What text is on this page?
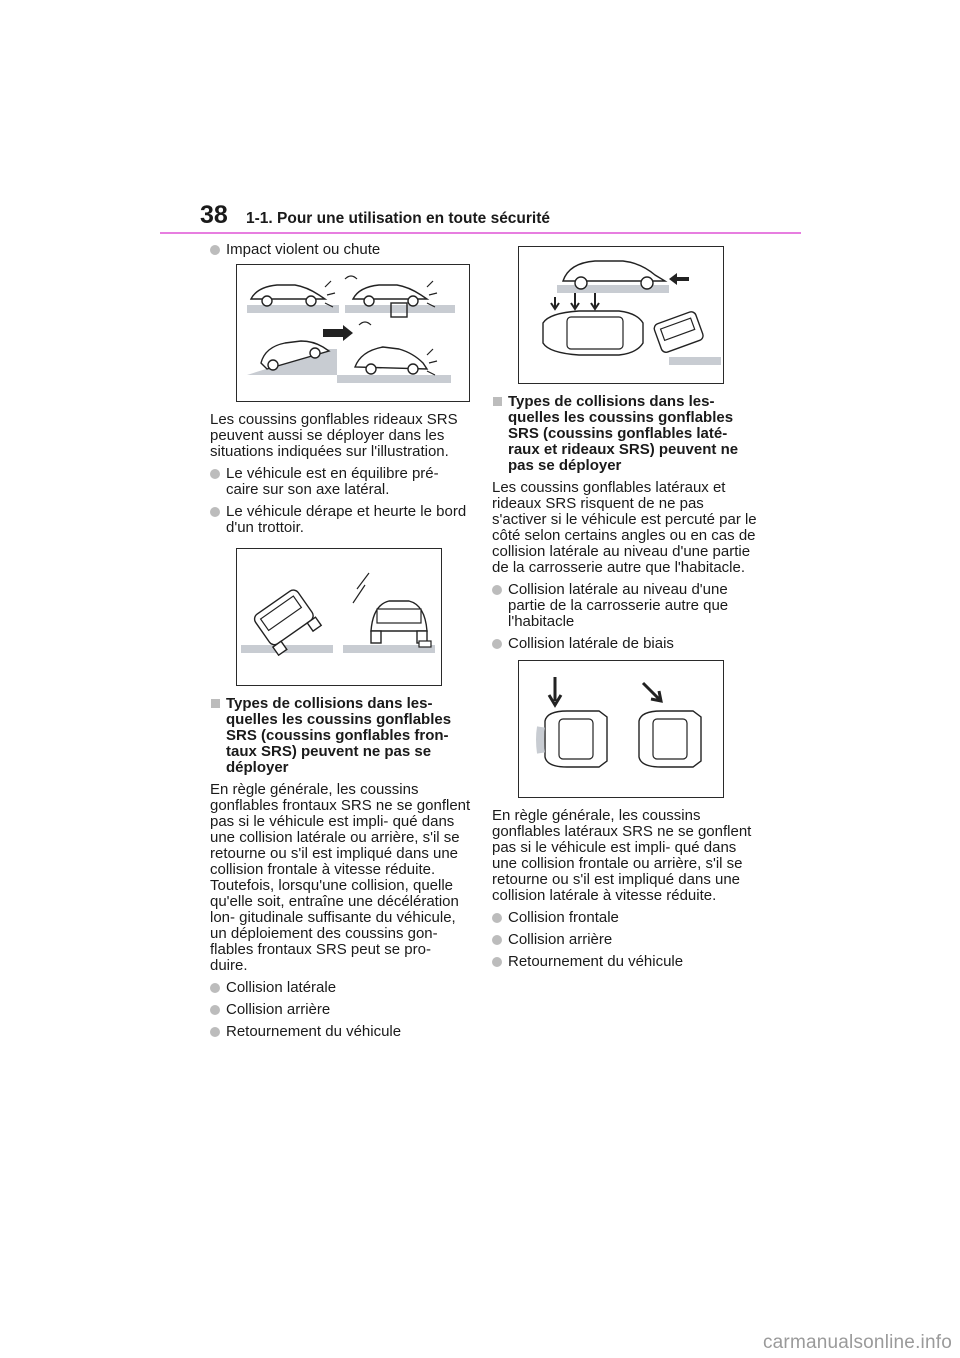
38 1-1. Pour une utilisation en toute sécurité
Impact violent ou chute
Les coussins gonflables rideaux SRS peuvent aussi se déployer dans les situations indiquées sur l'illustration.
Le véhicule est en équilibre pré- caire sur son axe latéral.
Le véhicule dérape et heurte le bord d'un trottoir.
Types de collisions dans les- quelles les coussins gonflables SRS (coussins gonflables fron- taux SRS) peuvent ne pas se déployer
En règle générale, les coussins gonflables frontaux SRS ne se gonflent pas si le véhicule est impli- qué dans une collision latérale ou arrière, s'il se retourne ou s'il est impliqué dans une collision frontale à vitesse réduite. Toutefois, lorsqu'une collision, quelle qu'elle soit, entraîne une décélération lon- gitudinale suffisante du véhicule, un déploiement des coussins gon- flables frontaux SRS peut se pro- duire.
Collision latérale
Collision arrière
Retournement du véhicule
Types de collisions dans les- quelles les coussins gonflables SRS (coussins gonflables laté- raux et rideaux SRS) peuvent ne pas se déployer
Les coussins gonflables latéraux et rideaux SRS risquent de ne pas s'activer si le véhicule est percuté par le côté selon certains angles ou en cas de collision latérale au niveau d'une partie de la carrosserie autre que l'habitacle.
Collision latérale au niveau d'une partie de la carrosserie autre que l'habitacle
Collision latérale de biais
En règle générale, les coussins gonflables latéraux SRS ne se gonflent pas si le véhicule est impli- qué dans une collision frontale ou arrière, s'il se retourne ou s'il est impliqué dans une collision latérale à vitesse réduite.
Collision frontale
Collision arrière
Retournement du véhicule
carmanualsonline.info
